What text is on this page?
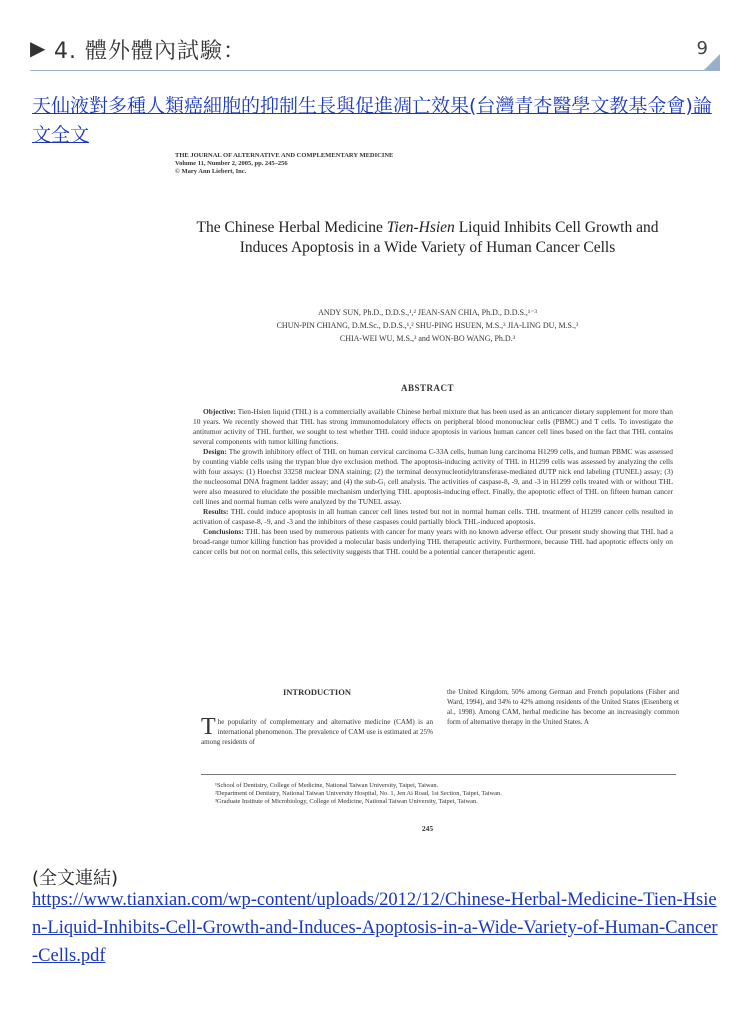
▶ 4. 體外體內試驗：	9
天仙液對多種人類癌細胞的抑制生長與促進凋亡效果(台灣青杏醫學文教基金會)論文全文
THE JOURNAL OF ALTERNATIVE AND COMPLEMENTARY MEDICINE
Volume 11, Number 2, 2005, pp. 245–256
© Mary Ann Liebert, Inc.
The Chinese Herbal Medicine Tien-Hsien Liquid Inhibits Cell Growth and Induces Apoptosis in a Wide Variety of Human Cancer Cells
ANDY SUN, Ph.D., D.D.S.,¹,² JEAN-SAN CHIA, Ph.D., D.D.S.,¹⁻³
CHUN-PIN CHIANG, D.M.Sc., D.D.S.,¹,² SHU-PING HSUEN, M.S.,³ JIA-LING DU, M.S.,³
CHIA-WEI WU, M.S.,³ and WON-BO WANG, Ph.D.³
ABSTRACT

Objective: Tien-Hsien liquid (THL) is a commercially available Chinese herbal mixture that has been used as an anticancer dietary supplement for more than 10 years. We recently showed that THL has strong immunomodulatory effects on peripheral blood mononuclear cells (PBMC) and T cells. To investigate the antitumor activity of THL further, we sought to test whether THL could induce apoptosis in various human cancer cell lines based on the fact that THL contains several components with tumor killing functions.

Design: The growth inhibitory effect of THL on human cervical carcinoma C-33A cells, human lung carcinoma H1299 cells, and human PBMC was assessed by counting viable cells using the trypan blue dye exclusion method. The apoptosis-inducing activity of THL in H1299 cells was assessed by analyzing the cells with four assays: (1) Hoechst 33258 nuclear DNA staining; (2) the terminal deoxynucleotidyltransferase-mediated dUTP nick end labeling (TUNEL) assay; (3) the nucleosomal DNA fragment ladder assay; and (4) the sub-G₁ cell analysis. The activities of caspase-8, -9, and -3 in H1299 cells treated with or without THL were also measured to elucidate the possible mechanism underlying THL apoptosis-inducing effect. Finally, the apoptotic effect of THL on fifteen human cancer cell lines and normal human cells were analyzed by the TUNEL assay.

Results: THL could induce apoptosis in all human cancer cell lines tested but not in normal human cells. THL treatment of H1299 cancer cells resulted in activation of caspase-8, -9, and -3 and the inhibitors of these caspases could partially block THL-induced apoptosis.

Conclusions: THL has been used by numerous patients with cancer for many years with no known adverse effect. Our present study showing that THL had a broad-range tumor killing function has provided a molecular basis underlying THL therapeutic activity. Furthermore, because THL had apoptotic effects only on cancer cells but not on normal cells, this selectivity suggests that THL could be a potential cancer therapeutic agent.

INTRODUCTION
T he popularity of complementary and alternative medicine (CAM) is an international phenomenon. The prevalence of CAM use is estimated at 25% among residents of
the United Kingdom, 50% among German and French populations (Fisher and Ward, 1994), and 34% to 42% among residents of the United States (Eisenberg et al., 1998). Among CAM, herbal medicine has become an increasingly common form of alternative therapy in the United States. A
¹School of Dentistry, College of Medicine, National Taiwan University, Taipei, Taiwan.
²Department of Dentistry, National Taiwan University Hospital, No. 1, Jen Ai Road, 1st Section, Taipei, Taiwan.
³Graduate Institute of Microbiology, College of Medicine, National Taiwan University, Taipei, Taiwan.
245
(全文連結)
https://www.tianxian.com/wp-content/uploads/2012/12/Chinese-Herbal-Medicine-Tien-Hsien-Liquid-Inhibits-Cell-Growth-and-Induces-Apoptosis-in-a-Wide-Variety-of-Human-Cancer-Cells.pdf
